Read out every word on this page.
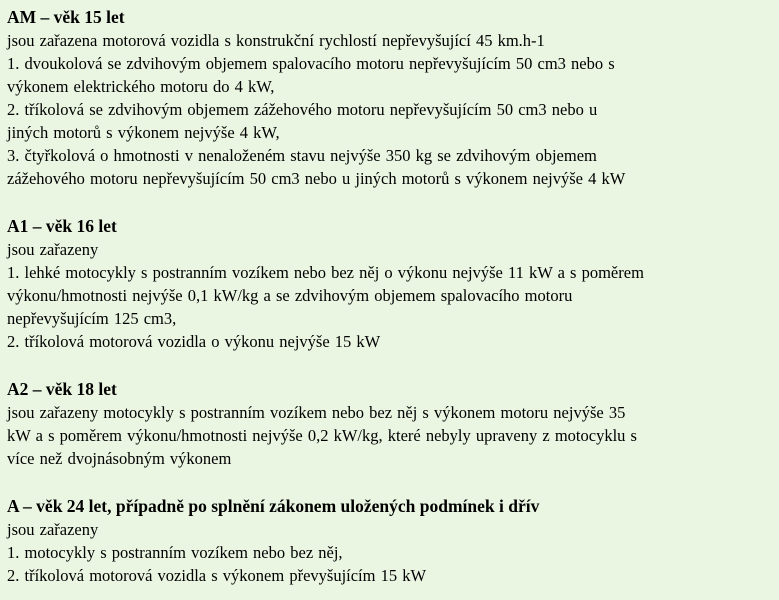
AM – věk 15 let
jsou zařazena motorová vozidla s konstrukční rychlostí nepřevyšující 45 km.h-1
1. dvoukolová se zdvihovým objemem spalovacího motoru nepřevyšujícím 50 cm3 nebo s
výkonem elektrického motoru do 4 kW,
2. tříkolová se zdvihovým objemem zážehového motoru nepřevyšujícím 50 cm3 nebo u
jiných motorů s výkonem nejvýše 4 kW,
3. čtyřkolová o hmotnosti v nenaloženém stavu nejvýše 350 kg se zdvihovým objemem
zážehového motoru nepřevyšujícím 50 cm3 nebo u jiných motorů s výkonem nejvýše 4 kW
A1 – věk 16 let
jsou zařazeny
1. lehké motocykly s postranním vozíkem nebo bez něj o výkonu nejvýše 11 kW a s poměrem
výkonu/hmotnosti nejvýše 0,1 kW/kg a se zdvihovým objemem spalovacího motoru
nepřevyšujícím 125 cm3,
2. tříkolová motorová vozidla o výkonu nejvýše 15 kW
A2 – věk 18 let
jsou zařazeny motocykly s postranním vozíkem nebo bez něj s výkonem motoru nejvýše 35
kW a s poměrem výkonu/hmotnosti nejvýše 0,2 kW/kg, které nebyly upraveny z motocyklu s
více než dvojnásobným výkonem
A – věk 24 let, případně po splnění zákonem uložených podmínek i dřív
jsou zařazeny
1. motocykly s postranním vozíkem nebo bez něj,
2. tříkolová motorová vozidla s výkonem převyšujícím 15 kW
